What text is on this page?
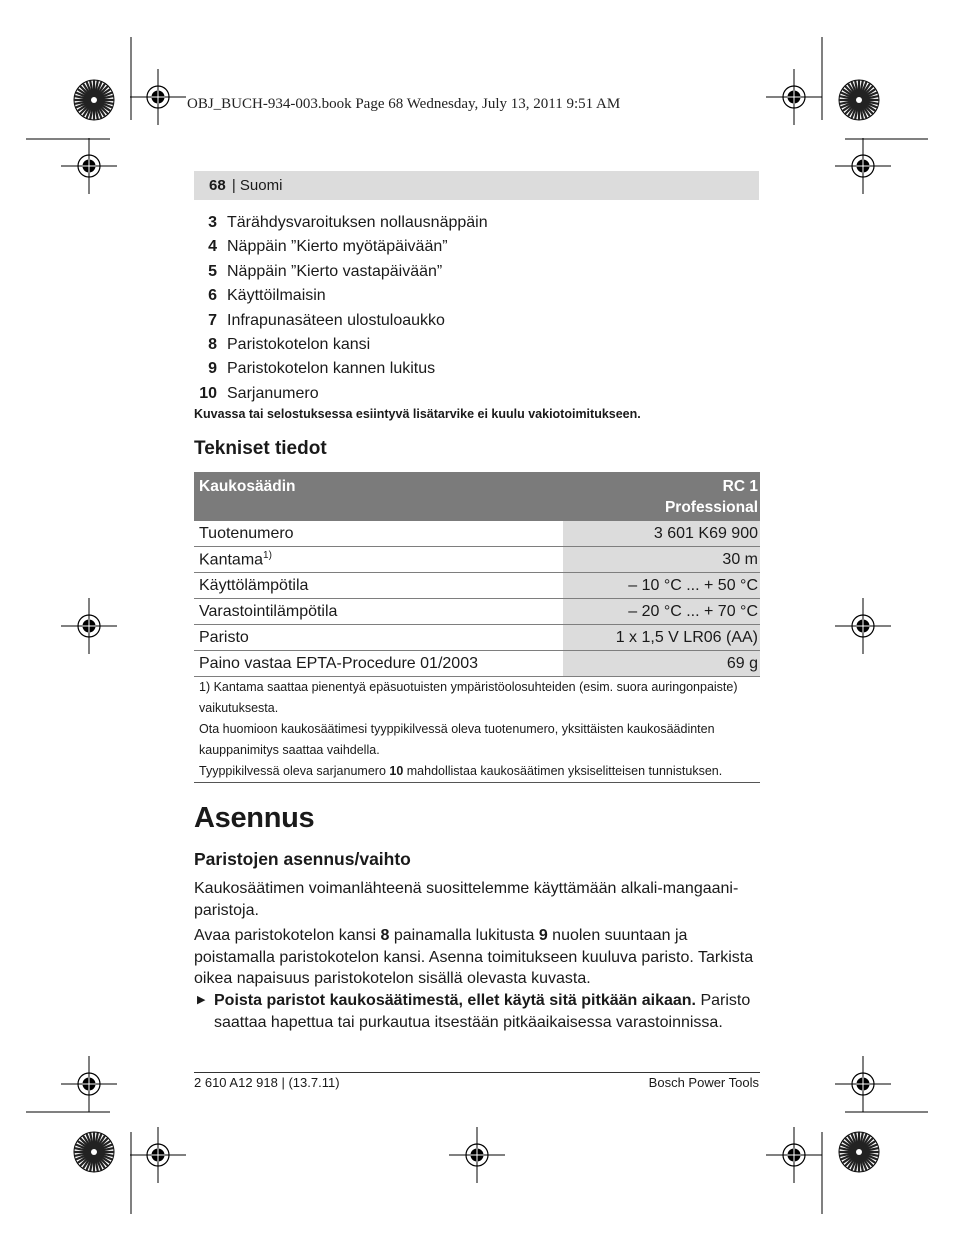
OBJ_BUCH-934-003.book Page 68 Wednesday, July 13, 2011 9:51 AM
68 | Suomi
3 Tärähdysvaroituksen nollausnäppäin
4 Näppäin ”Kierto myötäpäivään”
5 Näppäin ”Kierto vastapäivään”
6 Käyttöilmaisin
7 Infrapunasäteen ulostuloaukko
8 Paristokotelon kansi
9 Paristokotelon kannen lukitus
10 Sarjanumero
Kuvassa tai selostuksessa esiintyvä lisätarvike ei kuulu vakiotoimitukseen.
Tekniset tiedot
Kaukosäädin	RC 1
Professional
Tuotenumero	3 601 K69 900
Kantama$^{1)}$	30 m
Käyttölämpötila	– 10 °C ... + 50 °C
Varastointilämpötila	– 20 °C ... + 70 °C
Paristo	1 x 1,5 V LR06 (AA)
Paino vastaa EPTA-Procedure 01/2003	69 g

1) Kantama saattaa pienentyä epäsuotuisten ympäristöolosuhteiden (esim. suora auringonpaiste) vaikutuksesta.

Ota huomioon kaukosäätimesi tyyppikilvessä oleva tuotenumero, yksittäisten kaukosäädinten kauppanimitys saattaa vaihdella.

Tyyppikilvessä oleva sarjanumero 10 mahdollistaa kaukosäätimen yksiselitteisen tunnistuksen.

Asennus
Paristojen asennus/vaihto
Kaukosäätimen voimanlähteenä suosittelemme käyttämään alkali-mangaani-paristoja.
Avaa paristokotelon kansi 8 painamalla lukitusta 9 nuolen suuntaan ja poistamalla paristokotelon kansi. Asenna toimitukseen kuuluva paristo. Tarkista oikea napaisuus paristokotelon sisällä olevasta kuvasta.
▶ Poista paristot kaukosäätimestä, ellet käytä sitä pitkään aikaan. Paristo saattaa hapettua tai purkautua itsestään pitkäaikaisessa varastoinnissa.
2 610 A12 918 | (13.7.11)	Bosch Power Tools
